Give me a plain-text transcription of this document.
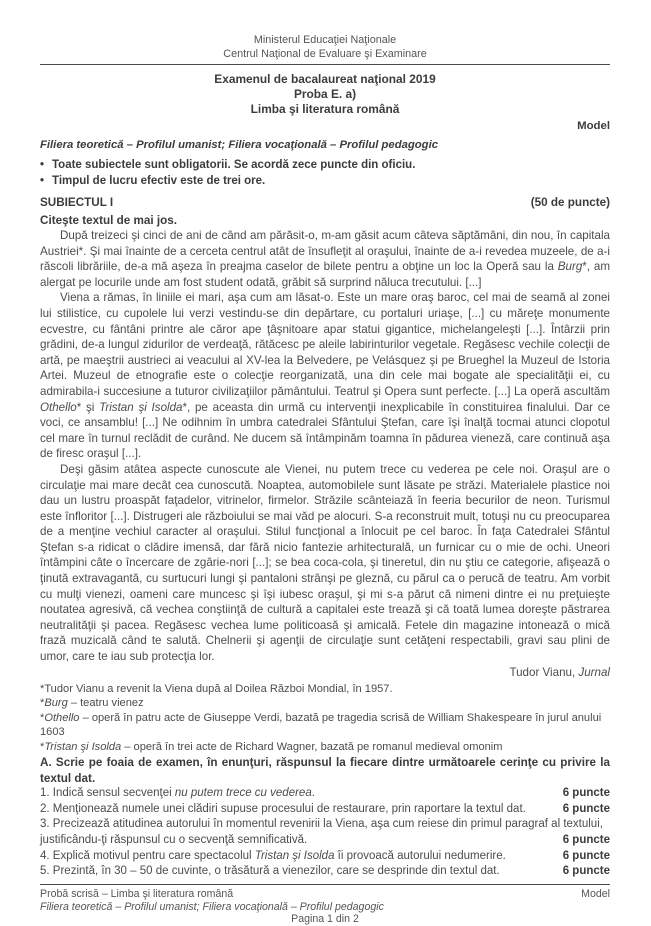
Ministerul Educaţiei Naţionale
Centrul Naţional de Evaluare şi Examinare
Examenul de bacalaureat naţional 2019
Proba E. a)
Limba şi literatura română
Model
Filiera teoretică – Profilul umanist; Filiera vocaţională – Profilul pedagogic
• Toate subiectele sunt obligatorii. Se acordă zece puncte din oficiu.
• Timpul de lucru efectiv este de trei ore.
SUBIECTUL I	(50 de puncte)
Citeşte textul de mai jos.
După treizeci şi cinci de ani de când am părăsit-o, m-am găsit acum câteva săptămâni, din nou, în capitala Austriei*. Şi mai înainte de a cerceta centrul atât de însufleţit al oraşului, înainte de a-i revedea muzeele, de a-i răscoli librăriile, de-a mă aşeza în preajma caselor de bilete pentru a obţine un loc la Operă sau la Burg*, am alergat pe locurile unde am fost student odată, grăbit să surprind năluca trecutului. [...]
Viena a rămas, în liniile ei mari, aşa cum am lăsat-o. Este un mare oraş baroc, cel mai de seamă al zonei lui stilistice, cu cupolele lui verzi vestindu-se din depărtare, cu portaluri uriaşe, [...] cu măreţe monumente ecvestre, cu fântâni printre ale căror ape ţâşnitoare apar statui gigantice, michelangeleşti [...]. Întârzii prin grădini, de-a lungul zidurilor de verdeaţă, rătăcesc pe aleile labirinturilor vegetale. Regăsesc vechile colecţii de artă, pe maeştrii austrieci ai veacului al XV-lea la Belvedere, pe Velásquez şi pe Brueghel la Muzeul de Istoria Artei. Muzeul de etnografie este o colecţie reorganizată, una din cele mai bogate ale specialităţii ei, cu admirabila-i succesiune a tuturor civilizaţiilor pământului. Teatrul şi Opera sunt perfecte. [...] La operă ascultăm Othello* şi Tristan şi Isolda*, pe aceasta din urmă cu intervenţii inexplicabile în constituirea finalului. Dar ce voci, ce ansamblu! [...] Ne odihnim în umbra catedralei Sfântului Ştefan, care îşi înalţă tocmai atunci clopotul cel mare în turnul reclădit de curând. Ne ducem să întâmpinăm toamna în pădurea vieneză, care continuă aşa de firesc oraşul [...].
Deşi găsim atâtea aspecte cunoscute ale Vienei, nu putem trece cu vederea pe cele noi. Oraşul are o circulaţie mai mare decât cea cunoscută. Noaptea, automobilele sunt lăsate pe străzi. Materialele plastice noi dau un lustru proaspăt faţadelor, vitrinelor, firmelor. Străzile scânteiază în feeria becurilor de neon. Turismul este înfloritor [...]. Distrugeri ale războiului se mai văd pe alocuri. S-a reconstruit mult, totuşi nu cu preocuparea de a menţine vechiul caracter al oraşului. Stilul funcţional a înlocuit pe cel baroc. În faţa Catedralei Sfântul Ştefan s-a ridicat o clădire imensă, dar fără nicio fantezie arhitecturală, un furnicar cu o mie de ochi. Uneori întâmpini câte o încercare de zgârie-nori [...]; se bea coca-cola, şi tineretul, din nu ştiu ce categorie, afişează o ţinută extravagantă, cu surtucuri lungi şi pantaloni strânşi pe gleznă, cu părul ca o perucă de teatru. Am vorbit cu mulţi vienezi, oameni care muncesc şi îşi iubesc oraşul, şi mi s-a părut că nimeni dintre ei nu preţuieşte noutatea agresivă, că vechea conştiinţă de cultură a capitalei este trează şi că toată lumea doreşte păstrarea neutralităţii şi pacea. Regăsesc vechea lume politicoasă şi amicală. Fetele din magazine intonează o mică frază muzicală când te salută. Chelnerii şi agenţii de circulaţie sunt cetăţeni respectabili, gravi sau plini de umor, care te iau sub protecţia lor.
Tudor Vianu, Jurnal
*Tudor Vianu a revenit la Viena după al Doilea Război Mondial, în 1957.
*Burg – teatru vienez
*Othello – operă în patru acte de Giuseppe Verdi, bazată pe tragedia scrisă de William Shakespeare în jurul anului 1603
*Tristan şi Isolda – operă în trei acte de Richard Wagner, bazată pe romanul medieval omonim
A. Scrie pe foaia de examen, în enunţuri, răspunsul la fiecare dintre următoarele cerinţe cu privire la textul dat.
1. Indică sensul secvenţei nu putem trece cu vederea.	6 puncte
2. Menţionează numele unei clădiri supuse procesului de restaurare, prin raportare la textul dat.	6 puncte
3. Precizează atitudinea autorului în momentul revenirii la Viena, aşa cum reiese din primul paragraf al textului, justificându-ţi răspunsul cu o secvenţă semnificativă.	6 puncte
4. Explică motivul pentru care spectacolul Tristan şi Isolda îi provoacă autorului nedumerire.	6 puncte
5. Prezintă, în 30 – 50 de cuvinte, o trăsătură a vienezilor, care se desprinde din textul dat.	6 puncte
Probă scrisă – Limba şi literatura română	Model
Filiera teoretică – Profilul umanist; Filiera vocaţională – Profilul pedagogic
Pagina 1 din 2
